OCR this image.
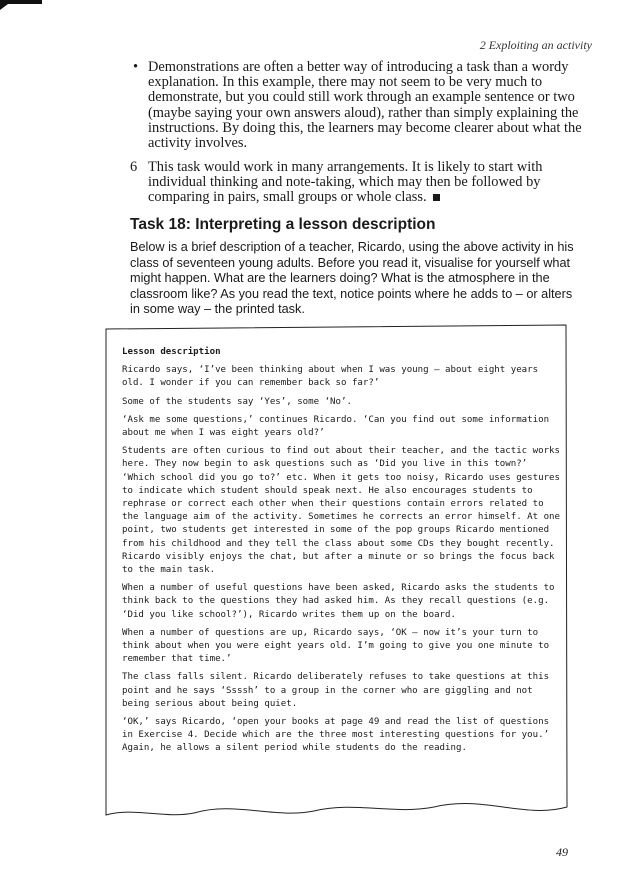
2 Exploiting an activity
• Demonstrations are often a better way of introducing a task than a wordy explanation. In this example, there may not seem to be very much to demonstrate, but you could still work through an example sentence or two (maybe saying your own answers aloud), rather than simply explaining the instructions. By doing this, the learners may become clearer about what the activity involves.
6 This task would work in many arrangements. It is likely to start with individual thinking and note-taking, which may then be followed by comparing in pairs, small groups or whole class.
Task 18: Interpreting a lesson description
Below is a brief description of a teacher, Ricardo, using the above activity in his class of seventeen young adults. Before you read it, visualise for yourself what might happen. What are the learners doing? What is the atmosphere in the classroom like? As you read the text, notice points where he adds to – or alters in some way – the printed task.
Lesson description

Ricardo says, ‘I’ve been thinking about when I was young – about eight years old. I wonder if you can remember back so far?’

Some of the students say ‘Yes’, some ‘No’.

‘Ask me some questions,’ continues Ricardo. ‘Can you find out some information about me when I was eight years old?’

Students are often curious to find out about their teacher, and the tactic works here. They now begin to ask questions such as ‘Did you live in this town?’ ‘Which school did you go to?’ etc. When it gets too noisy, Ricardo uses gestures to indicate which student should speak next. He also encourages students to rephrase or correct each other when their questions contain errors related to the language aim of the activity. Sometimes he corrects an error himself. At one point, two students get interested in some of the pop groups Ricardo mentioned from his childhood and they tell the class about some CDs they bought recently. Ricardo visibly enjoys the chat, but after a minute or so brings the focus back to the main task.

When a number of useful questions have been asked, Ricardo asks the students to think back to the questions they had asked him. As they recall questions (e.g. ‘Did you like school?’), Ricardo writes them up on the board.

When a number of questions are up, Ricardo says, ‘OK – now it’s your turn to think about when you were eight years old. I’m going to give you one minute to remember that time.’

The class falls silent. Ricardo deliberately refuses to take questions at this point and he says ‘Ssssh’ to a group in the corner who are giggling and not being serious about being quiet.

‘OK,’ says Ricardo, ‘open your books at page 49 and read the list of questions in Exercise 4. Decide which are the three most interesting questions for you.’ Again, he allows a silent period while students do the reading.

49
